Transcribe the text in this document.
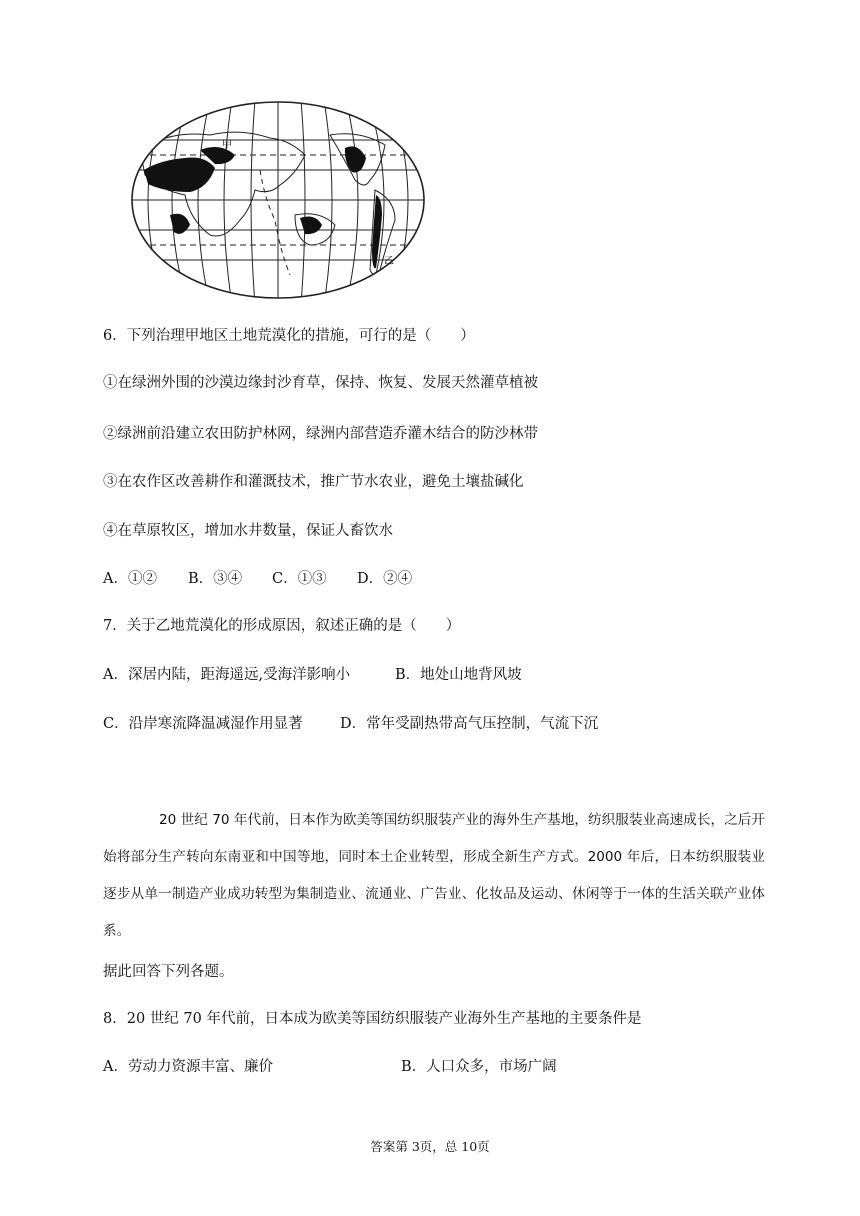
甲
乙
6．下列治理甲地区土地荒漠化的措施，可行的是（　　）
①在绿洲外围的沙漠边缘封沙育草，保持、恢复、发展天然灌草植被
②绿洲前沿建立农田防护林网，绿洲内部营造乔灌木结合的防沙林带
③在农作区改善耕作和灌溉技术，推广节水农业，避免土壤盐碱化
④在草原牧区，增加水井数量，保证人畜饮水
A．①② B．③④ C．①③ D．②④
7．关于乙地荒漠化的形成原因，叙述正确的是（　　）
A．深居内陆，距海遥远,受海洋影响小	B．地处山地背风坡
C．沿岸寒流降温减湿作用显著	D．常年受副热带高气压控制，气流下沉
20 世纪 70 年代前，日本作为欧美等国纺织服装产业的海外生产基地，纺织服装业高速成长，之后开始将部分生产转向东南亚和中国等地，同时本土企业转型，形成全新生产方式。2000 年后，日本纺织服装业逐步从单一制造产业成功转型为集制造业、流通业、广告业、化妆品及运动、休闲等于一体的生活关联产业体系。
据此回答下列各题。
8．20 世纪 70 年代前，日本成为欧美等国纺织服装产业海外生产基地的主要条件是
A．劳动力资源丰富、廉价	B．人口众多，市场广阔
答案第 3页，总 10页
